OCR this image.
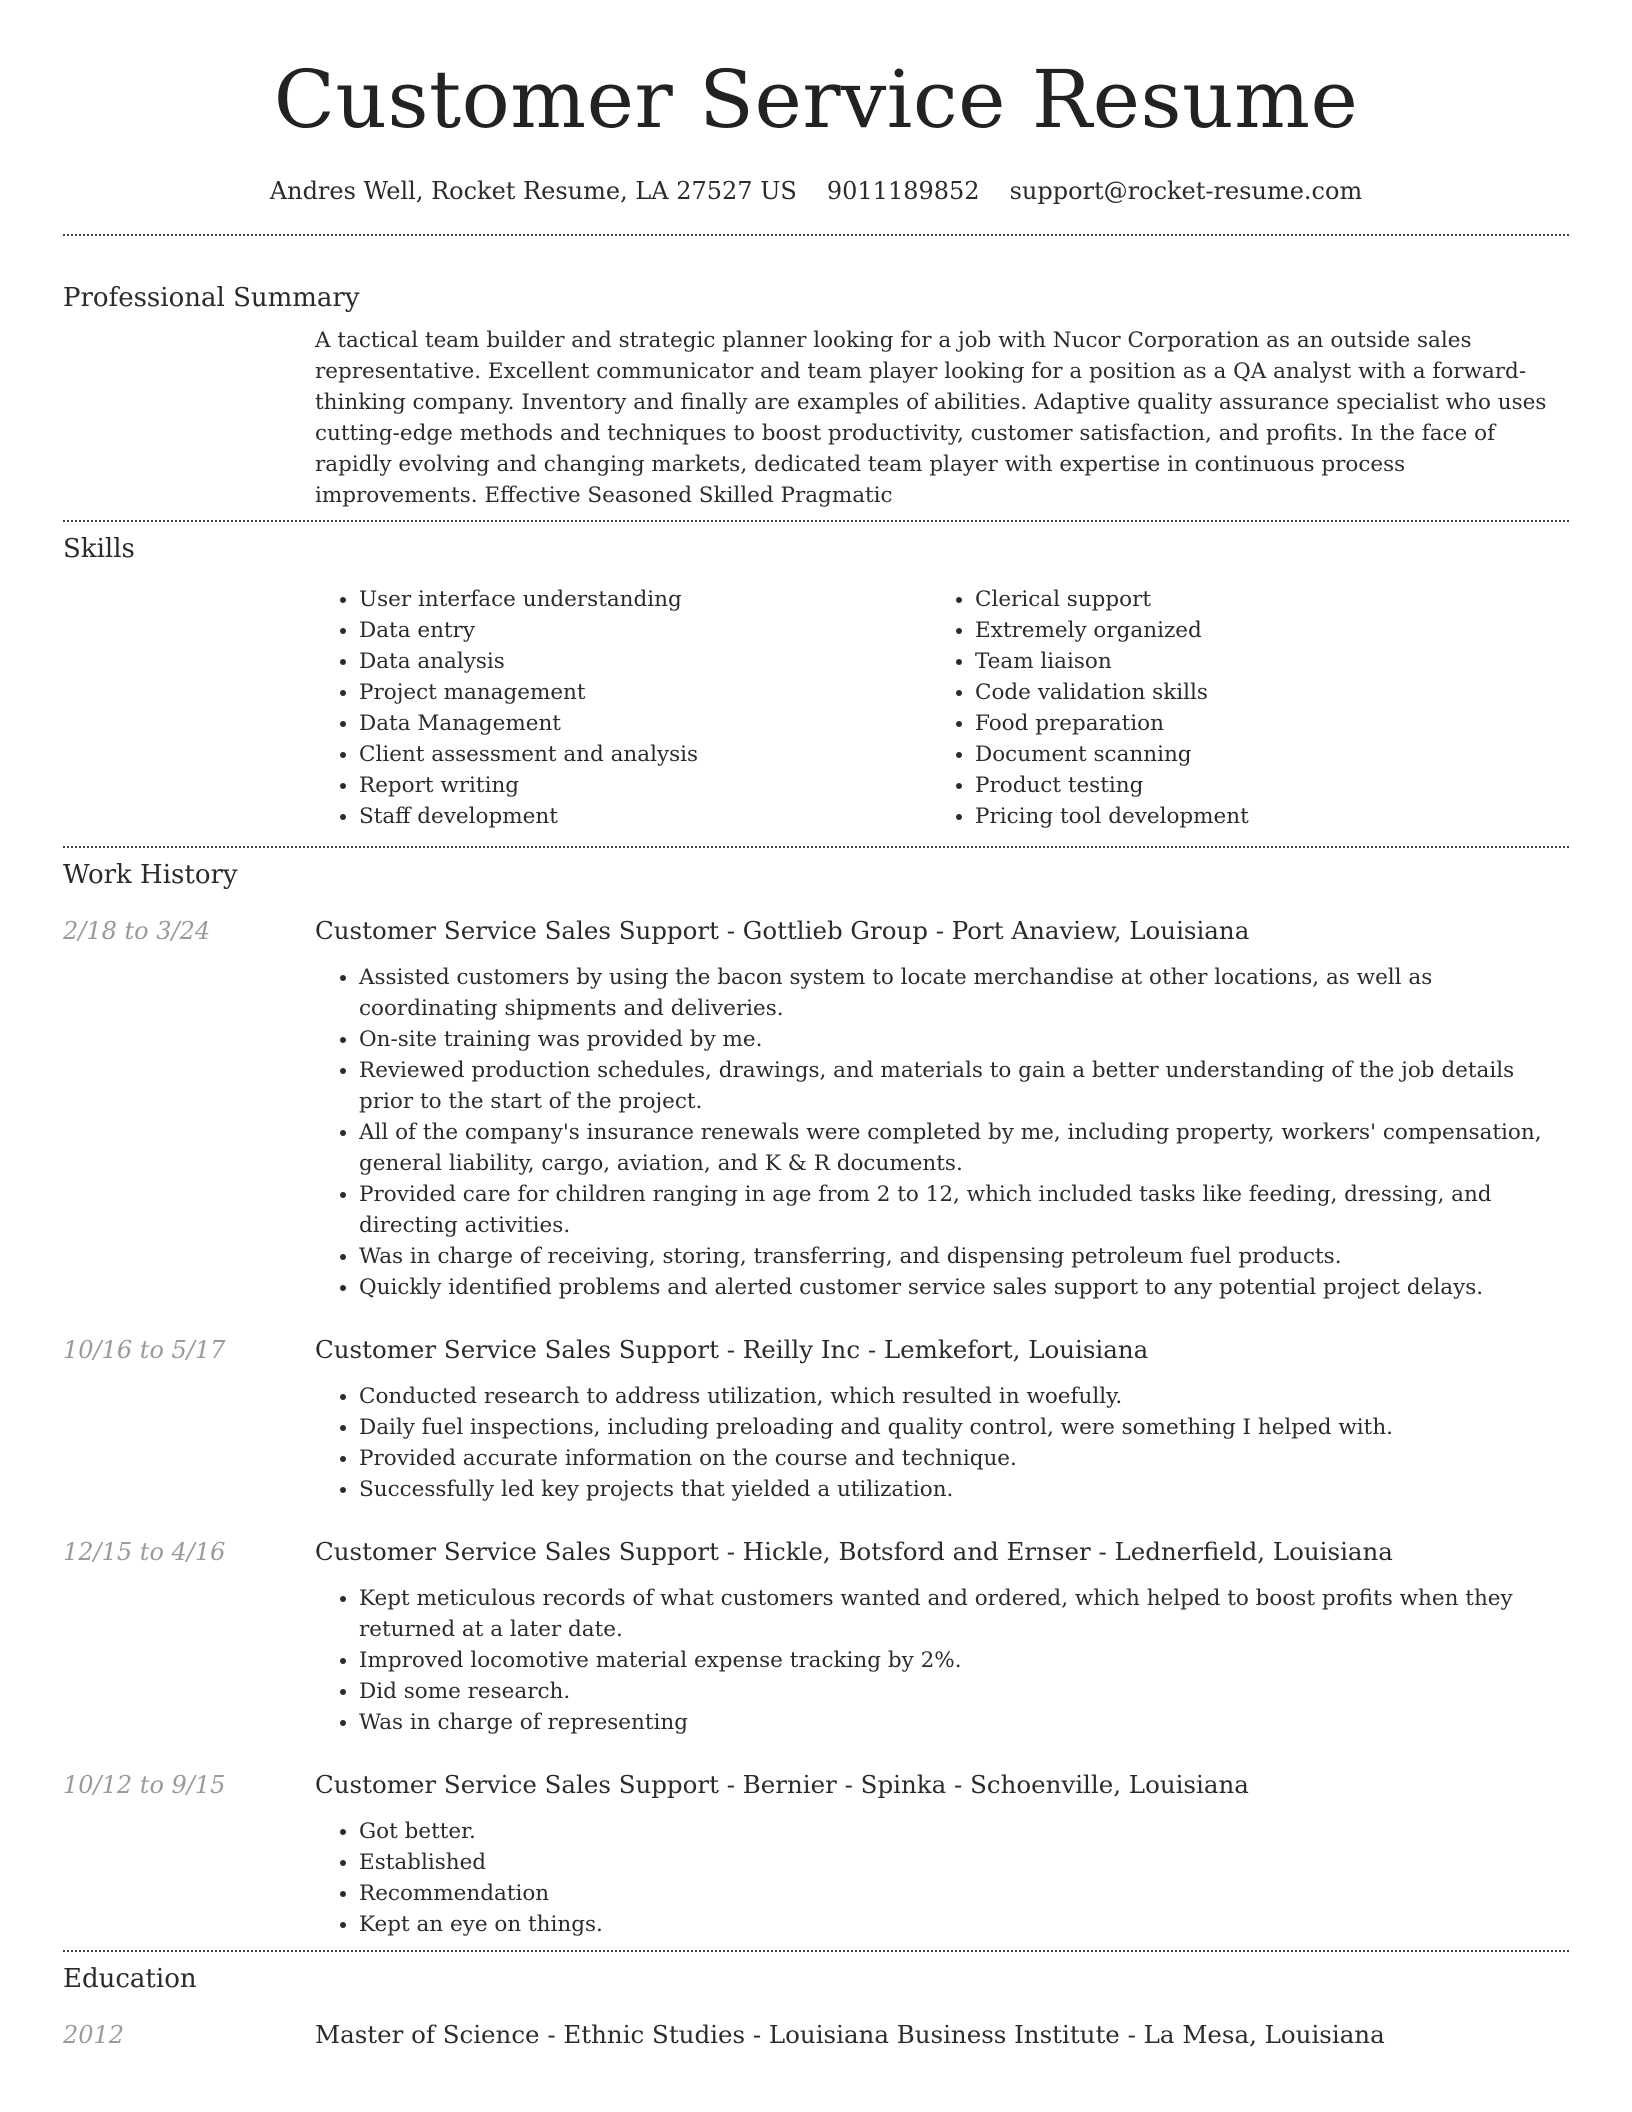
Customer Service Resume
Andres Well, Rocket Resume, LA 27527 US 9011189852 support@rocket-resume.com
Professional Summary
A tactical team builder and strategic planner looking for a job with Nucor Corporation as an outside sales representative. Excellent communicator and team player looking for a position as a QA analyst with a forward-thinking company. Inventory and finally are examples of abilities. Adaptive quality assurance specialist who uses cutting-edge methods and techniques to boost productivity, customer satisfaction, and profits. In the face of rapidly evolving and changing markets, dedicated team player with expertise in continuous process improvements. Effective Seasoned Skilled Pragmatic
Skills
• User interface understanding
• Data entry
• Data analysis
• Project management
• Data Management
• Client assessment and analysis
• Report writing
• Staff development
• Clerical support
• Extremely organized
• Team liaison
• Code validation skills
• Food preparation
• Document scanning
• Product testing
• Pricing tool development
Work History
2/18 to 3/24	Customer Service Sales Support - Gottlieb Group - Port Anaview, Louisiana
• Assisted customers by using the bacon system to locate merchandise at other locations, as well as coordinating shipments and deliveries.
• On-site training was provided by me.
• Reviewed production schedules, drawings, and materials to gain a better understanding of the job details prior to the start of the project.
• All of the company's insurance renewals were completed by me, including property, workers' compensation, general liability, cargo, aviation, and K & R documents.
• Provided care for children ranging in age from 2 to 12, which included tasks like feeding, dressing, and directing activities.
• Was in charge of receiving, storing, transferring, and dispensing petroleum fuel products.
• Quickly identified problems and alerted customer service sales support to any potential project delays.
10/16 to 5/17	Customer Service Sales Support - Reilly Inc - Lemkefort, Louisiana
• Conducted research to address utilization, which resulted in woefully.
• Daily fuel inspections, including preloading and quality control, were something I helped with.
• Provided accurate information on the course and technique.
• Successfully led key projects that yielded a utilization.
12/15 to 4/16	Customer Service Sales Support - Hickle, Botsford and Ernser - Lednerfield, Louisiana
• Kept meticulous records of what customers wanted and ordered, which helped to boost profits when they returned at a later date.
• Improved locomotive material expense tracking by 2%.
• Did some research.
• Was in charge of representing
10/12 to 9/15	Customer Service Sales Support - Bernier - Spinka - Schoenville, Louisiana
• Got better.
• Established
• Recommendation
• Kept an eye on things.
Education
2012	Master of Science - Ethnic Studies - Louisiana Business Institute - La Mesa, Louisiana
